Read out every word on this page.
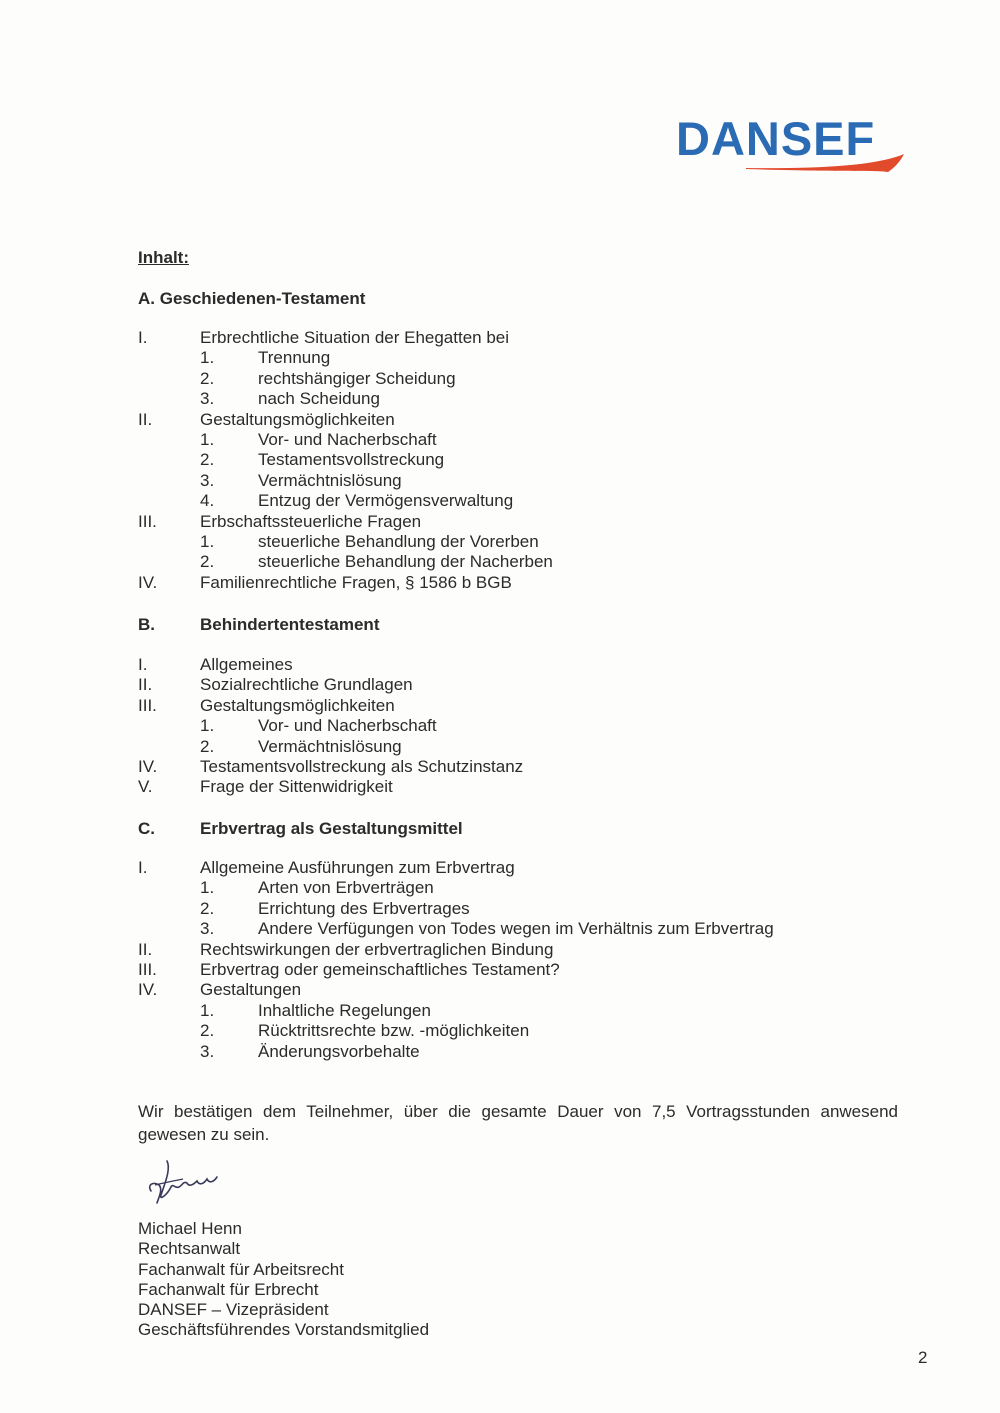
DANSEF
Inhalt:
A. Geschiedenen-Testament
I.	Erbrechtliche Situation der Ehegatten bei
1.	Trennung
2.	rechtshängiger Scheidung
3.	nach Scheidung
II.	Gestaltungsmöglichkeiten
1.	Vor- und Nacherbschaft
2.	Testamentsvollstreckung
3.	Vermächtnislösung
4.	Entzug der Vermögensverwaltung
III.	Erbschaftssteuerliche Fragen
1.	steuerliche Behandlung der Vorerben
2.	steuerliche Behandlung der Nacherben
IV.	Familienrechtliche Fragen, § 1586 b BGB
B.	Behindertentestament
I.	Allgemeines
II.	Sozialrechtliche Grundlagen
III.	Gestaltungsmöglichkeiten
1.	Vor- und Nacherbschaft
2.	Vermächtnislösung
IV.	Testamentsvollstreckung als Schutzinstanz
V.	Frage der Sittenwidrigkeit
C.	Erbvertrag als Gestaltungsmittel
I.	Allgemeine Ausführungen zum Erbvertrag
1.	Arten von Erbverträgen
2.	Errichtung des Erbvertrages
3.	Andere Verfügungen von Todes wegen im Verhältnis zum Erbvertrag
II.	Rechtswirkungen der erbvertraglichen Bindung
III.	Erbvertrag oder gemeinschaftliches Testament?
IV.	Gestaltungen
1.	Inhaltliche Regelungen
2.	Rücktrittsrechte bzw. -möglichkeiten
3.	Änderungsvorbehalte
Wir bestätigen dem Teilnehmer, über die gesamte Dauer von 7,5 Vortragsstunden anwesend gewesen zu sein.
Michael Henn
Rechtsanwalt
Fachanwalt für Arbeitsrecht
Fachanwalt für Erbrecht
DANSEF – Vizepräsident
Geschäftsführendes Vorstandsmitglied
2
